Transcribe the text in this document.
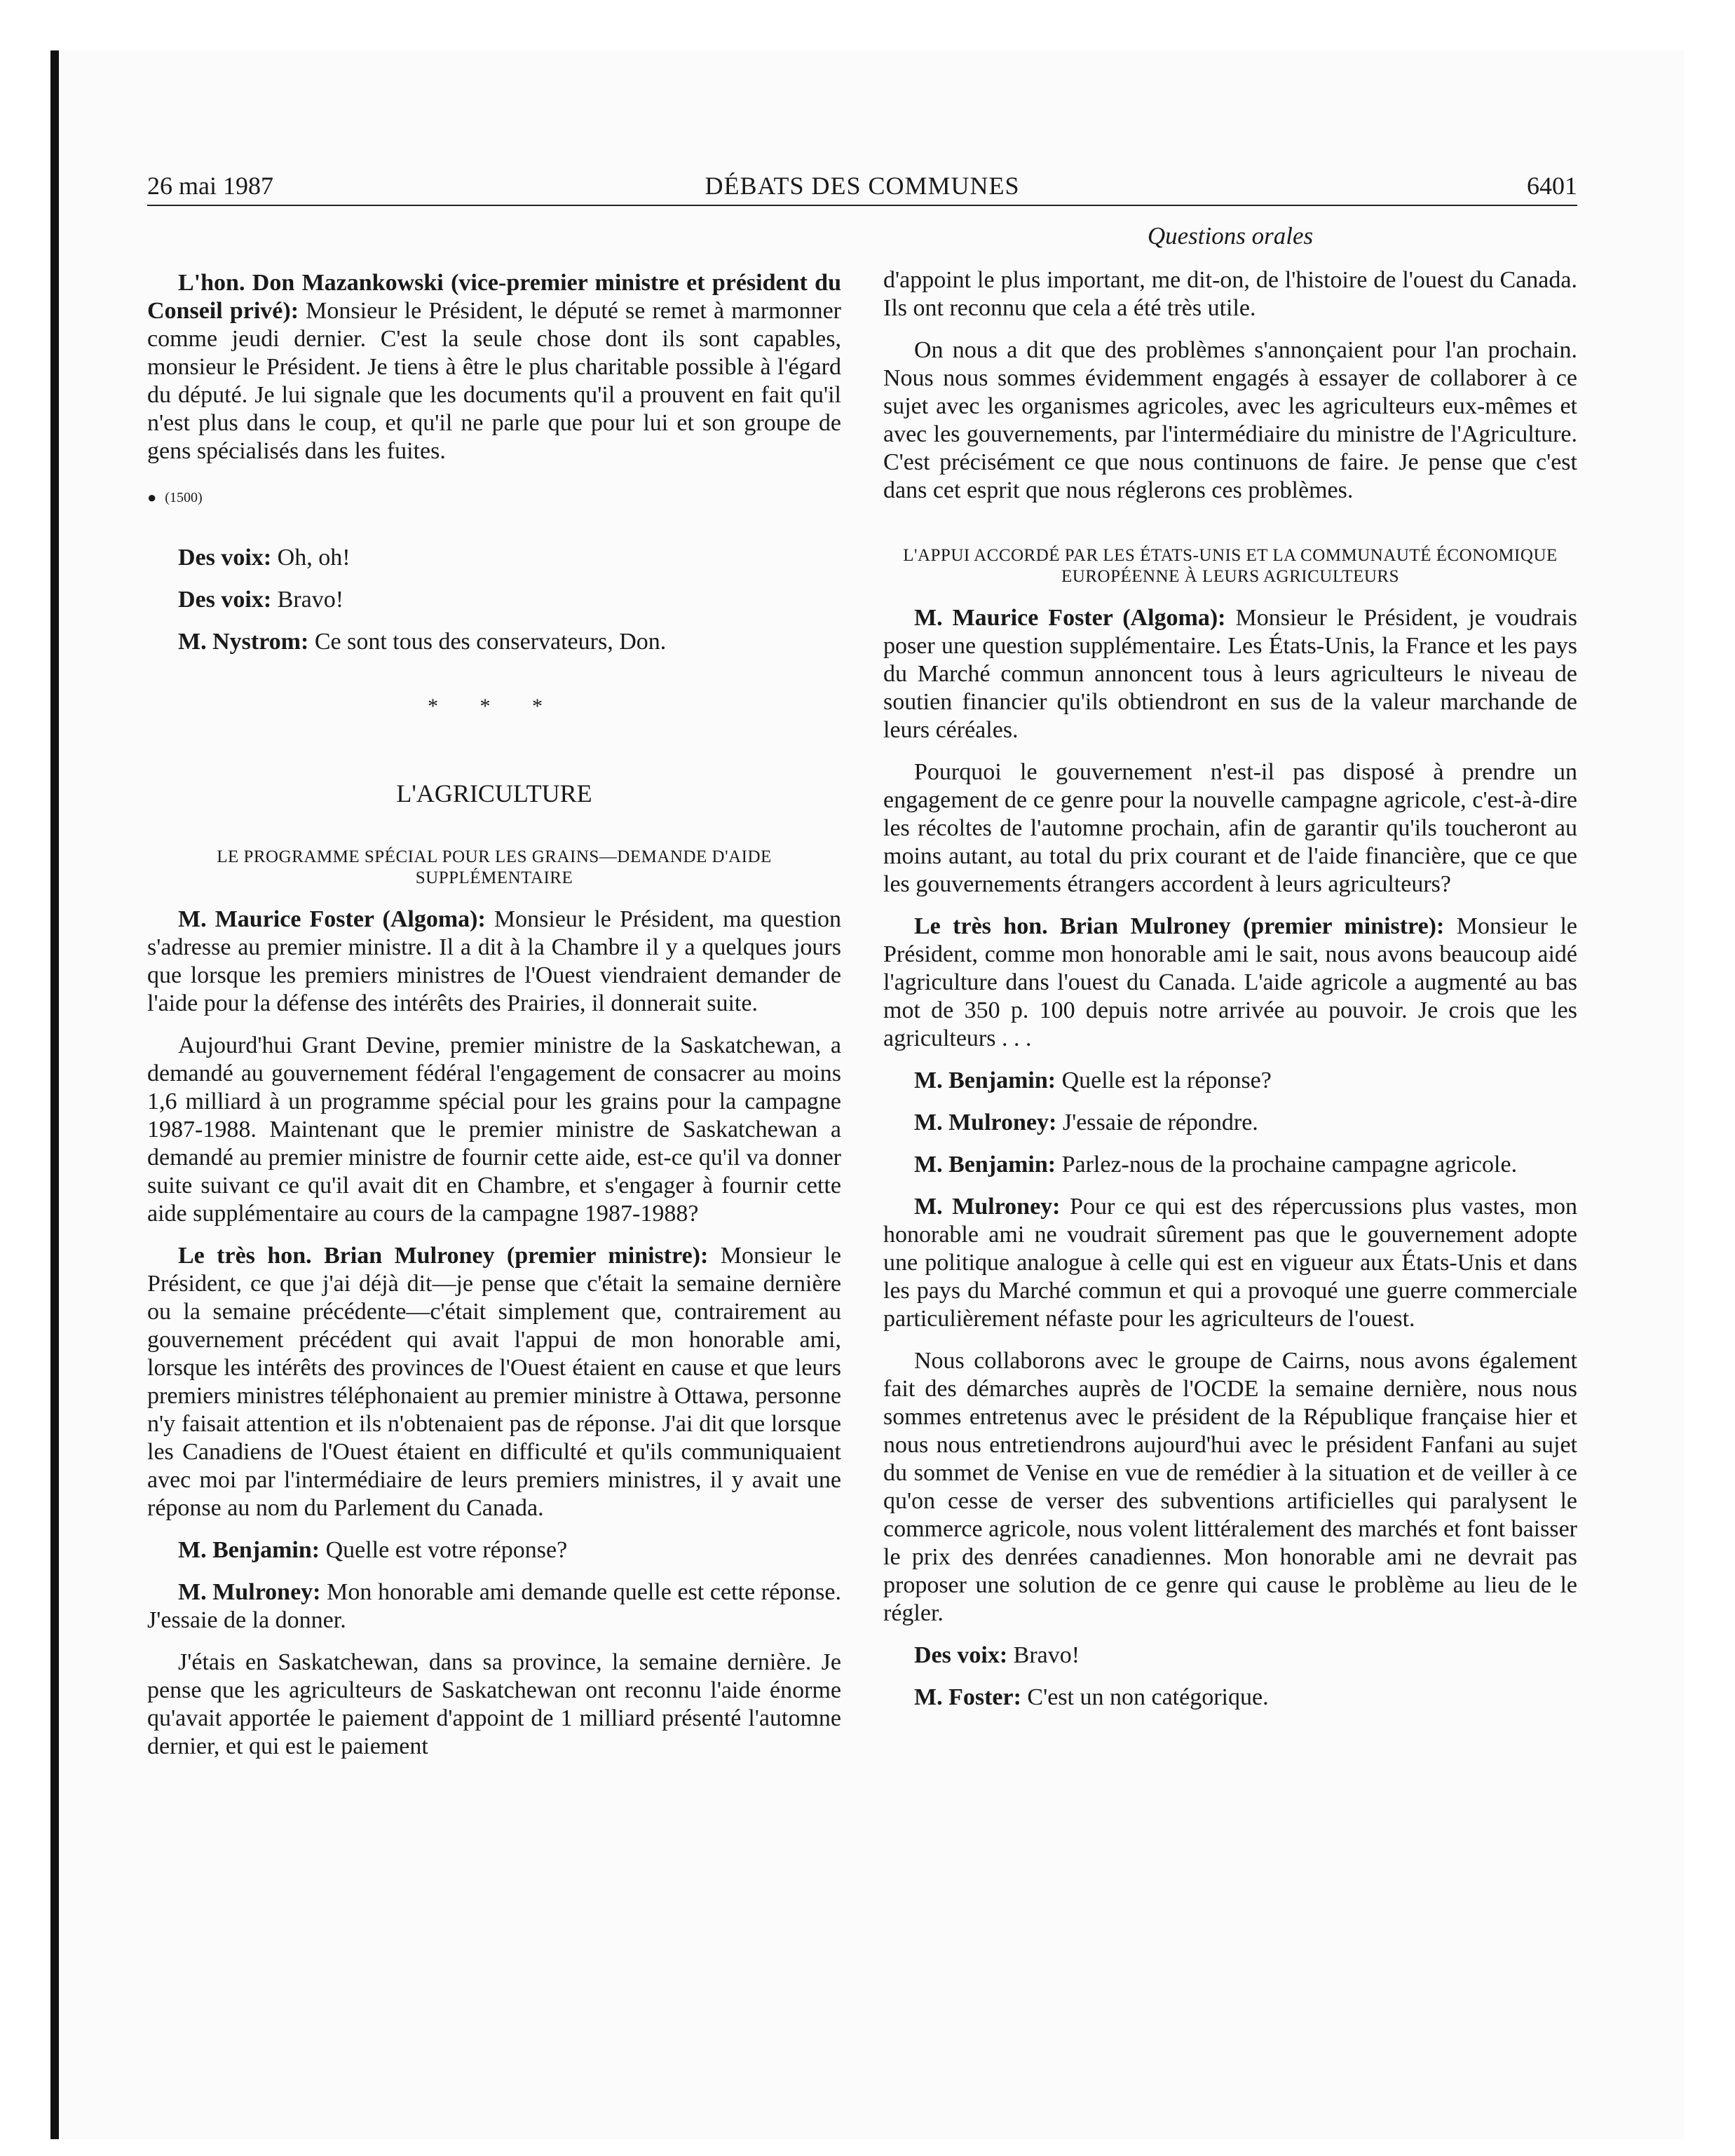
26 mai 1987	DÉBATS DES COMMUNES	6401
Questions orales

L'hon. Don Mazankowski (vice-premier ministre et président du Conseil privé): Monsieur le Président, le député se remet à marmonner comme jeudi dernier. C'est la seule chose dont ils sont capables, monsieur le Président. Je tiens à être le plus charitable possible à l'égard du député. Je lui signale que les documents qu'il a prouvent en fait qu'il n'est plus dans le coup, et qu'il ne parle que pour lui et son groupe de gens spécialisés dans les fuites.

● (1500)

Des voix: Oh, oh!

Des voix: Bravo!

M. Nystrom: Ce sont tous des conservateurs, Don.

* * *
L'AGRICULTURE
LE PROGRAMME SPÉCIAL POUR LES GRAINS—DEMANDE D'AIDE SUPPLÉMENTAIRE

M. Maurice Foster (Algoma): Monsieur le Président, ma question s'adresse au premier ministre. Il a dit à la Chambre il y a quelques jours que lorsque les premiers ministres de l'Ouest viendraient demander de l'aide pour la défense des intérêts des Prairies, il donnerait suite.

Aujourd'hui Grant Devine, premier ministre de la Saskatchewan, a demandé au gouvernement fédéral l'engagement de consacrer au moins 1,6 milliard à un programme spécial pour les grains pour la campagne 1987-1988. Maintenant que le premier ministre de Saskatchewan a demandé au premier ministre de fournir cette aide, est-ce qu'il va donner suite suivant ce qu'il avait dit en Chambre, et s'engager à fournir cette aide supplémentaire au cours de la campagne 1987-1988?

Le très hon. Brian Mulroney (premier ministre): Monsieur le Président, ce que j'ai déjà dit—je pense que c'était la semaine dernière ou la semaine précédente—c'était simplement que, contrairement au gouvernement précédent qui avait l'appui de mon honorable ami, lorsque les intérêts des provinces de l'Ouest étaient en cause et que leurs premiers ministres téléphonaient au premier ministre à Ottawa, personne n'y faisait attention et ils n'obtenaient pas de réponse. J'ai dit que lorsque les Canadiens de l'Ouest étaient en difficulté et qu'ils communiquaient avec moi par l'intermédiaire de leurs premiers ministres, il y avait une réponse au nom du Parlement du Canada.

M. Benjamin: Quelle est votre réponse?

M. Mulroney: Mon honorable ami demande quelle est cette réponse. J'essaie de la donner.

J'étais en Saskatchewan, dans sa province, la semaine dernière. Je pense que les agriculteurs de Saskatchewan ont reconnu l'aide énorme qu'avait apportée le paiement d'appoint de 1 milliard présenté l'automne dernier, et qui est le paiement

d'appoint le plus important, me dit-on, de l'histoire de l'ouest du Canada. Ils ont reconnu que cela a été très utile.

On nous a dit que des problèmes s'annonçaient pour l'an prochain. Nous nous sommes évidemment engagés à essayer de collaborer à ce sujet avec les organismes agricoles, avec les agriculteurs eux-mêmes et avec les gouvernements, par l'intermédiaire du ministre de l'Agriculture. C'est précisément ce que nous continuons de faire. Je pense que c'est dans cet esprit que nous réglerons ces problèmes.

L'APPUI ACCORDÉ PAR LES ÉTATS-UNIS ET LA COMMUNAUTÉ ÉCONOMIQUE EUROPÉENNE À LEURS AGRICULTEURS

M. Maurice Foster (Algoma): Monsieur le Président, je voudrais poser une question supplémentaire. Les États-Unis, la France et les pays du Marché commun annoncent tous à leurs agriculteurs le niveau de soutien financier qu'ils obtiendront en sus de la valeur marchande de leurs céréales.

Pourquoi le gouvernement n'est-il pas disposé à prendre un engagement de ce genre pour la nouvelle campagne agricole, c'est-à-dire les récoltes de l'automne prochain, afin de garantir qu'ils toucheront au moins autant, au total du prix courant et de l'aide financière, que ce que les gouvernements étrangers accordent à leurs agriculteurs?

Le très hon. Brian Mulroney (premier ministre): Monsieur le Président, comme mon honorable ami le sait, nous avons beaucoup aidé l'agriculture dans l'ouest du Canada. L'aide agricole a augmenté au bas mot de 350 p. 100 depuis notre arrivée au pouvoir. Je crois que les agriculteurs . . .

M. Benjamin: Quelle est la réponse?

M. Mulroney: J'essaie de répondre.

M. Benjamin: Parlez-nous de la prochaine campagne agricole.

M. Mulroney: Pour ce qui est des répercussions plus vastes, mon honorable ami ne voudrait sûrement pas que le gouvernement adopte une politique analogue à celle qui est en vigueur aux États-Unis et dans les pays du Marché commun et qui a provoqué une guerre commerciale particulièrement néfaste pour les agriculteurs de l'ouest.

Nous collaborons avec le groupe de Cairns, nous avons également fait des démarches auprès de l'OCDE la semaine dernière, nous nous sommes entretenus avec le président de la République française hier et nous nous entretiendrons aujourd'hui avec le président Fanfani au sujet du sommet de Venise en vue de remédier à la situation et de veiller à ce qu'on cesse de verser des subventions artificielles qui paralysent le commerce agricole, nous volent littéralement des marchés et font baisser le prix des denrées canadiennes. Mon honorable ami ne devrait pas proposer une solution de ce genre qui cause le problème au lieu de le régler.

Des voix: Bravo!

M. Foster: C'est un non catégorique.
